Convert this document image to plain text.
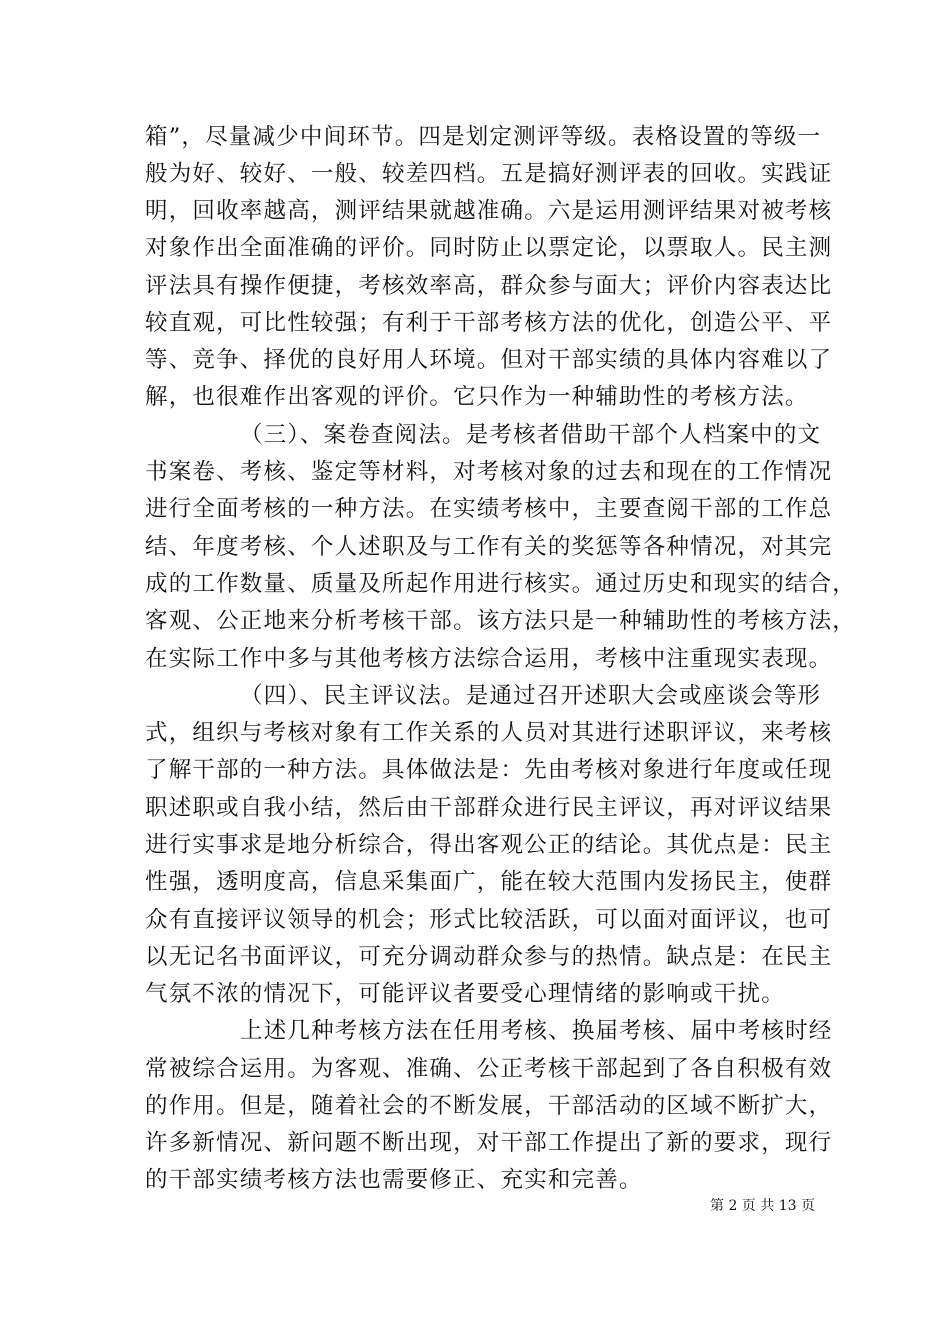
箱”，尽量减少中间环节。四是划定测评等级。表格设置的等级一
般为好、较好、一般、较差四档。五是搞好测评表的回收。实践证
明，回收率越高，测评结果就越准确。六是运用测评结果对被考核
对象作出全面准确的评价。同时防止以票定论，以票取人。民主测
评法具有操作便捷，考核效率高，群众参与面大；评价内容表达比
较直观，可比性较强；有利于干部考核方法的优化，创造公平、平
等、竞争、择优的良好用人环境。但对干部实绩的具体内容难以了
解，也很难作出客观的评价。它只作为一种辅助性的考核方法。
（三）、案卷查阅法。是考核者借助干部个人档案中的文
书案卷、考核、鉴定等材料，对考核对象的过去和现在的工作情况
进行全面考核的一种方法。在实绩考核中，主要查阅干部的工作总
结、年度考核、个人述职及与工作有关的奖惩等各种情况，对其完
成的工作数量、质量及所起作用进行核实。通过历史和现实的结合，
客观、公正地来分析考核干部。该方法只是一种辅助性的考核方法，
在实际工作中多与其他考核方法综合运用，考核中注重现实表现。
（四）、民主评议法。是通过召开述职大会或座谈会等形
式，组织与考核对象有工作关系的人员对其进行述职评议，来考核
了解干部的一种方法。具体做法是：先由考核对象进行年度或任现
职述职或自我小结，然后由干部群众进行民主评议，再对评议结果
进行实事求是地分析综合，得出客观公正的结论。其优点是：民主
性强，透明度高，信息采集面广，能在较大范围内发扬民主，使群
众有直接评议领导的机会；形式比较活跃，可以面对面评议，也可
以无记名书面评议，可充分调动群众参与的热情。缺点是：在民主
气氛不浓的情况下，可能评议者要受心理情绪的影响或干扰。
上述几种考核方法在任用考核、换届考核、届中考核时经
常被综合运用。为客观、准确、公正考核干部起到了各自积极有效
的作用。但是，随着社会的不断发展，干部活动的区域不断扩大，
许多新情况、新问题不断出现，对干部工作提出了新的要求，现行
的干部实绩考核方法也需要修正、充实和完善。
第 2 页 共 13 页
